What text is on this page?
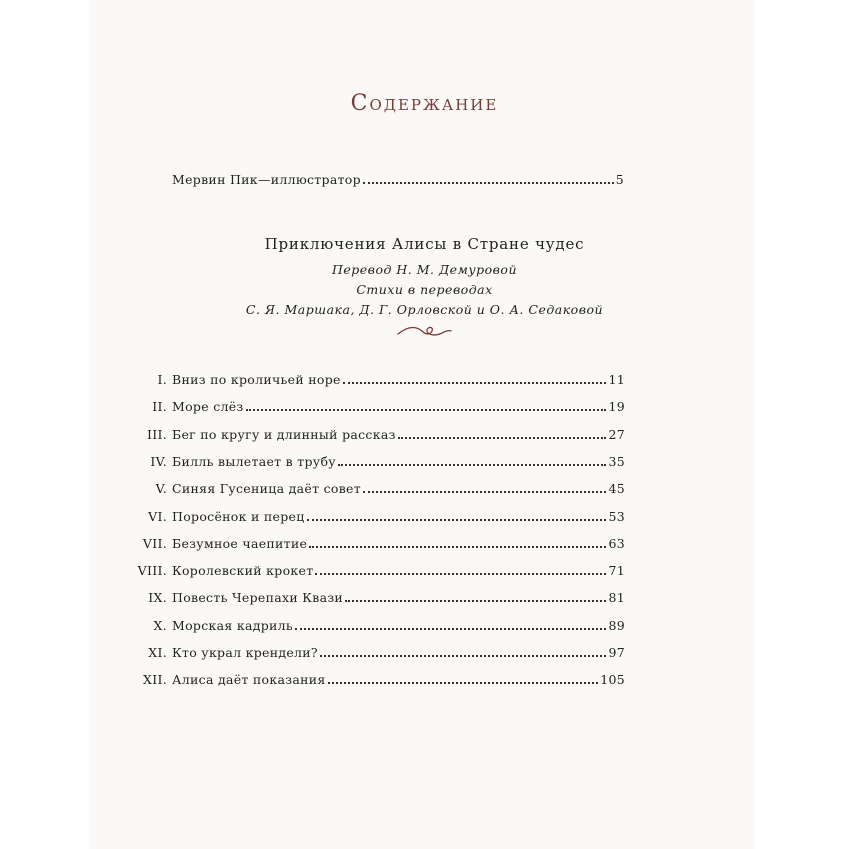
Содержание
Мервин Пик—иллюстратор	5
Приключения Алисы в Стране чудес
Перевод Н. М. Демуровой
Стихи в переводах
С. Я. Маршака, Д. Г. Орловской и О. А. Седаковой
I. Вниз по кроличьей норе	11
II. Море слёз	19
III. Бег по кругу и длинный рассказ	27
IV. Билль вылетает в трубу	35
V. Синяя Гусеница даёт совет	45
VI. Поросёнок и перец	53
VII. Безумное чаепитие	63
VIII. Королевский крокет	71
IX. Повесть Черепахи Квази	81
X. Морская кадриль	89
XI. Кто украл крендели?	97
XII. Алиса даёт показания	105
